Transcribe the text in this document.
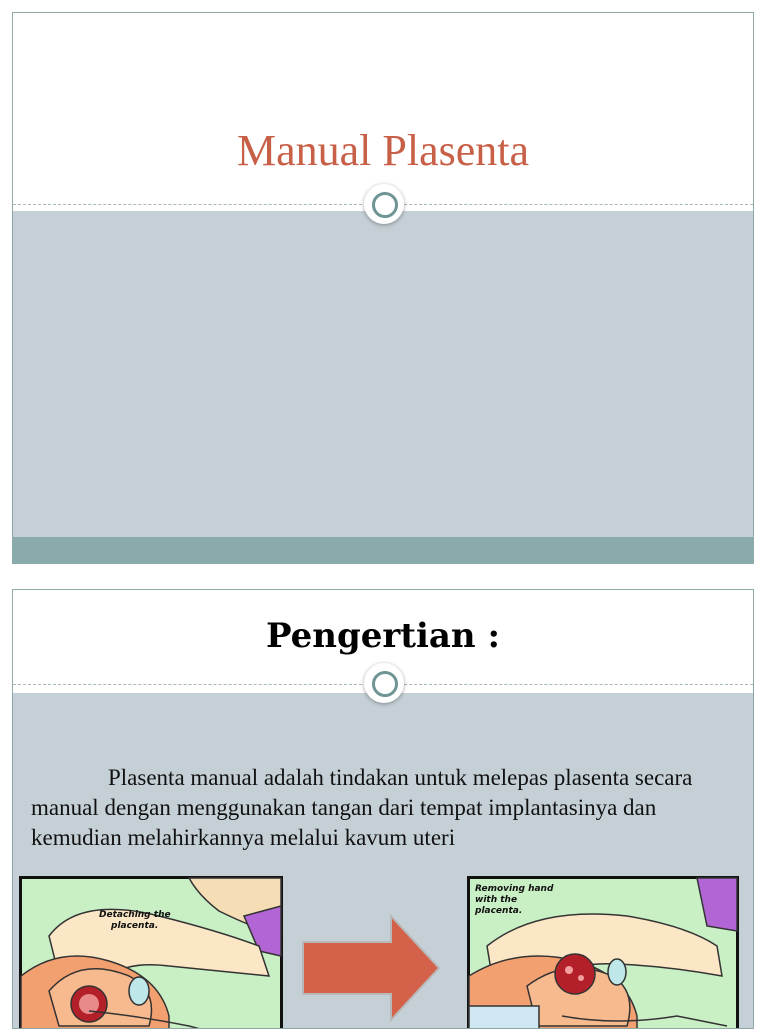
Manual Plasenta
Pengertian :
Plasenta manual adalah tindakan untuk melepas plasenta secara manual dengan menggunakan tangan dari tempat implantasinya dan kemudian melahirkannya melalui kavum uteri
Detaching the placenta.
Removing hand with the placenta.
